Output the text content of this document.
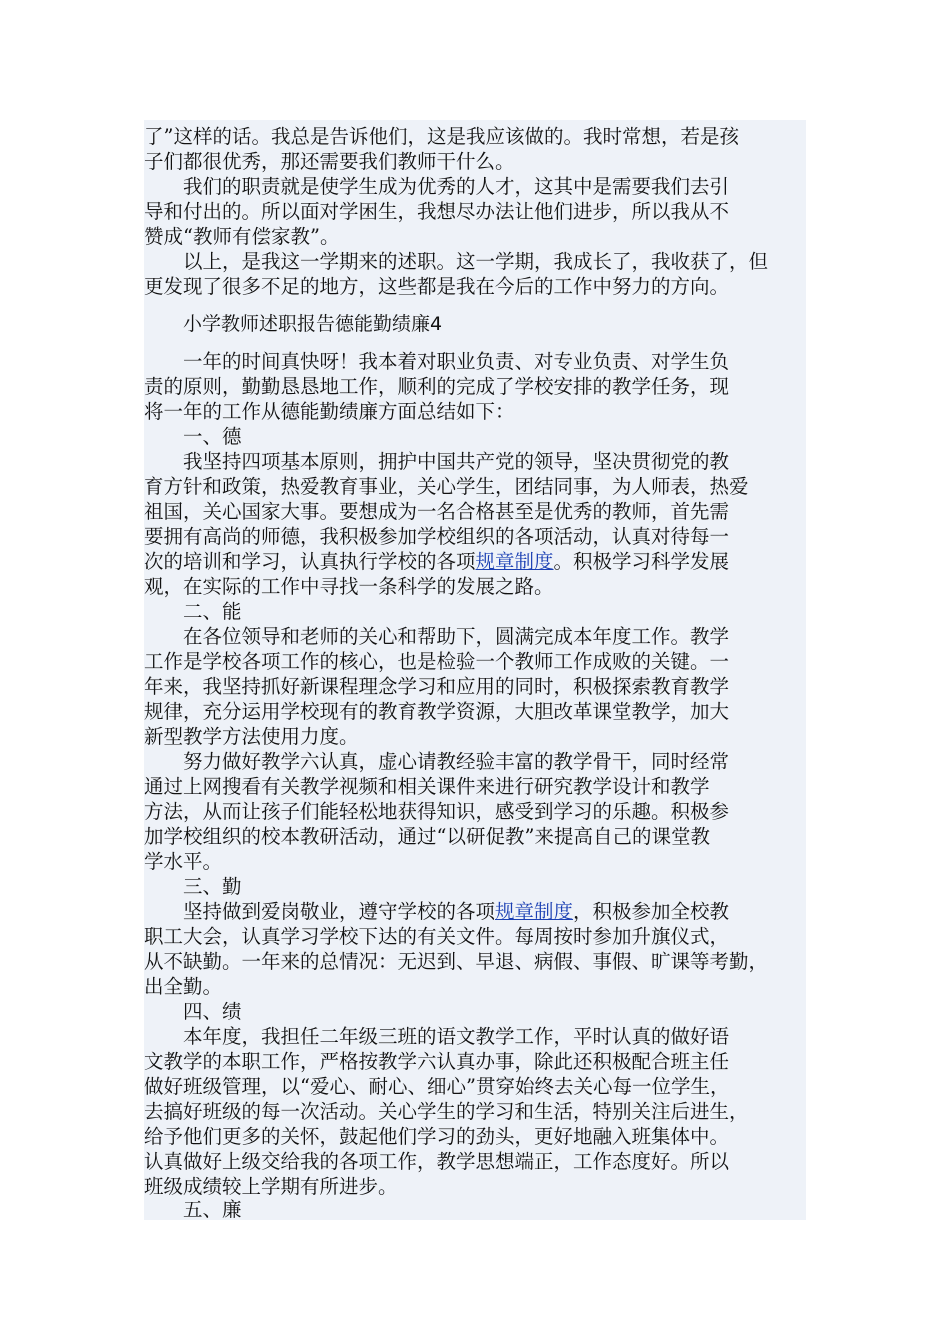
了”这样的话。我总是告诉他们，这是我应该做的。我时常想，若是孩
子们都很优秀，那还需要我们教师干什么。
我们的职责就是使学生成为优秀的人才，这其中是需要我们去引
导和付出的。所以面对学困生，我想尽办法让他们进步，所以我从不
赞成“教师有偿家教”。
以上，是我这一学期来的述职。这一学期，我成长了，我收获了，但
更发现了很多不足的地方，这些都是我在今后的工作中努力的方向。
小学教师述职报告德能勤绩廉4
一年的时间真快呀！我本着对职业负责、对专业负责、对学生负
责的原则，勤勤恳恳地工作，顺利的完成了学校安排的教学任务，现
将一年的工作从德能勤绩廉方面总结如下：
一、德
我坚持四项基本原则，拥护中国共产党的领导，坚决贯彻党的教
育方针和政策，热爱教育事业，关心学生，团结同事，为人师表，热爱
祖国，关心国家大事。要想成为一名合格甚至是优秀的教师，首先需
要拥有高尚的师德，我积极参加学校组织的各项活动，认真对待每一
次的培训和学习，认真执行学校的各项规章制度。积极学习科学发展
观，在实际的工作中寻找一条科学的发展之路。
二、能
在各位领导和老师的关心和帮助下，圆满完成本年度工作。教学
工作是学校各项工作的核心，也是检验一个教师工作成败的关键。一
年来，我坚持抓好新课程理念学习和应用的同时，积极探索教育教学
规律，充分运用学校现有的教育教学资源，大胆改革课堂教学，加大
新型教学方法使用力度。
努力做好教学六认真，虚心请教经验丰富的教学骨干，同时经常
通过上网搜看有关教学视频和相关课件来进行研究教学设计和教学
方法，从而让孩子们能轻松地获得知识，感受到学习的乐趣。积极参
加学校组织的校本教研活动，通过“以研促教”来提高自己的课堂教
学水平。
三、勤
坚持做到爱岗敬业，遵守学校的各项规章制度，积极参加全校教
职工大会，认真学习学校下达的有关文件。每周按时参加升旗仪式，
从不缺勤。一年来的总情况：无迟到、早退、病假、事假、旷课等考勤，
出全勤。
四、绩
本年度，我担任二年级三班的语文教学工作，平时认真的做好语
文教学的本职工作，严格按教学六认真办事，除此还积极配合班主任
做好班级管理，以“爱心、耐心、细心”贯穿始终去关心每一位学生，
去搞好班级的每一次活动。关心学生的学习和生活，特别关注后进生，
给予他们更多的关怀，鼓起他们学习的劲头，更好地融入班集体中。
认真做好上级交给我的各项工作，教学思想端正，工作态度好。所以
班级成绩较上学期有所进步。
五、廉
